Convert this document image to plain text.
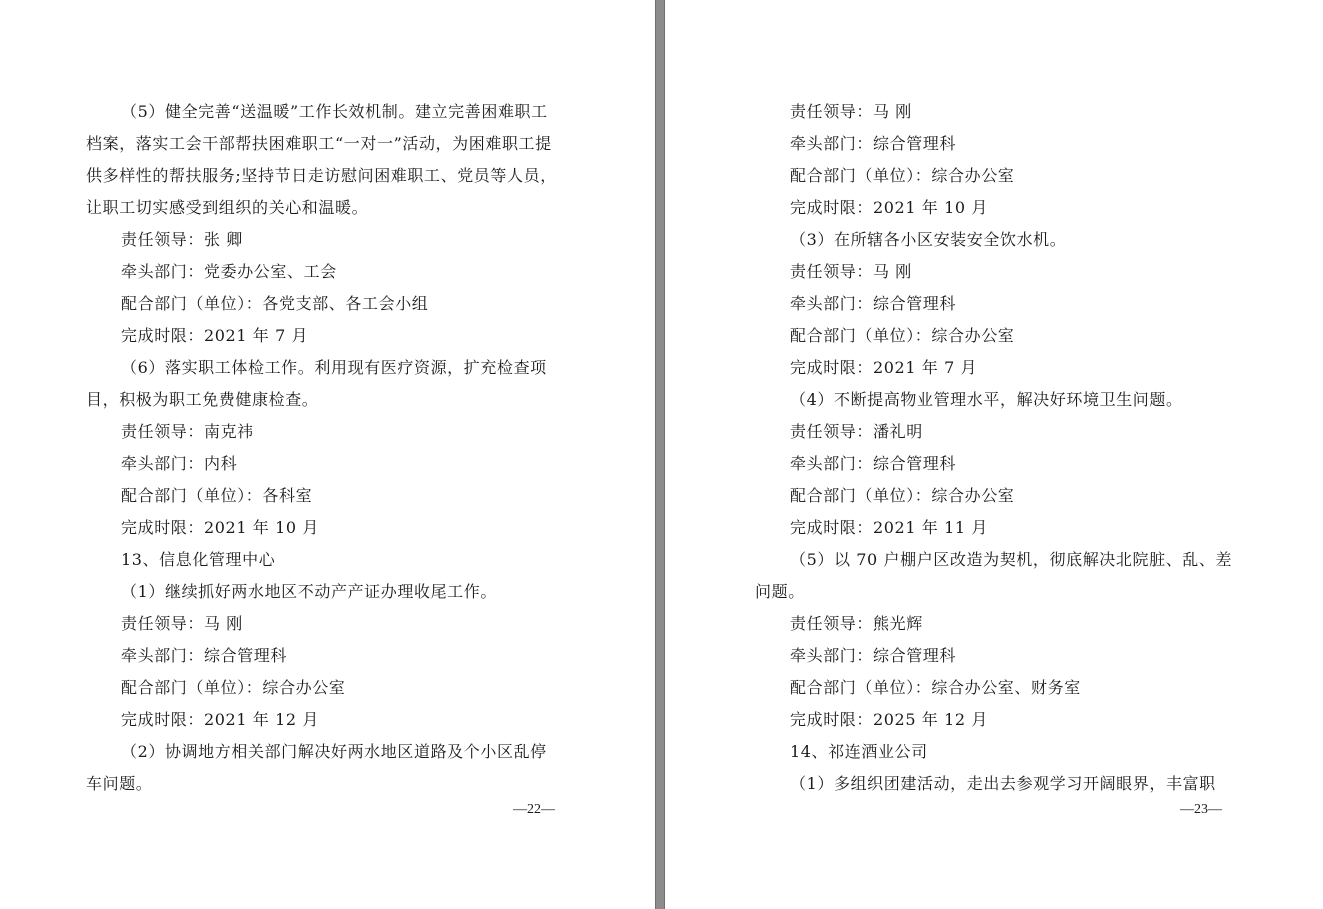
（5）健全完善“送温暖”工作长效机制。建立完善困难职工
档案，落实工会干部帮扶困难职工“一对一”活动，为困难职工提
供多样性的帮扶服务;坚持节日走访慰问困难职工、党员等人员，
让职工切实感受到组织的关心和温暖。
责任领导：张 卿
牵头部门：党委办公室、工会
配合部门（单位）：各党支部、各工会小组
完成时限：2021 年 7 月
（6）落实职工体检工作。利用现有医疗资源，扩充检查项
目，积极为职工免费健康检查。
责任领导：南克祎
牵头部门：内科
配合部门（单位）：各科室
完成时限：2021 年 10 月
13、信息化管理中心
（1）继续抓好两水地区不动产产证办理收尾工作。
责任领导：马 刚
牵头部门：综合管理科
配合部门（单位）：综合办公室
完成时限：2021 年 12 月
（2）协调地方相关部门解决好两水地区道路及个小区乱停
车问题。
—22—
责任领导：马 刚
牵头部门：综合管理科
配合部门（单位）：综合办公室
完成时限：2021 年 10 月
（3）在所辖各小区安装安全饮水机。
责任领导：马 刚
牵头部门：综合管理科
配合部门（单位）：综合办公室
完成时限：2021 年 7 月
（4）不断提高物业管理水平，解决好环境卫生问题。
责任领导：潘礼明
牵头部门：综合管理科
配合部门（单位）：综合办公室
完成时限：2021 年 11 月
（5）以 70 户棚户区改造为契机，彻底解决北院脏、乱、差
问题。
责任领导：熊光辉
牵头部门：综合管理科
配合部门（单位）：综合办公室、财务室
完成时限：2025 年 12 月
14、祁连酒业公司
（1）多组织团建活动，走出去参观学习开阔眼界，丰富职
—23—
